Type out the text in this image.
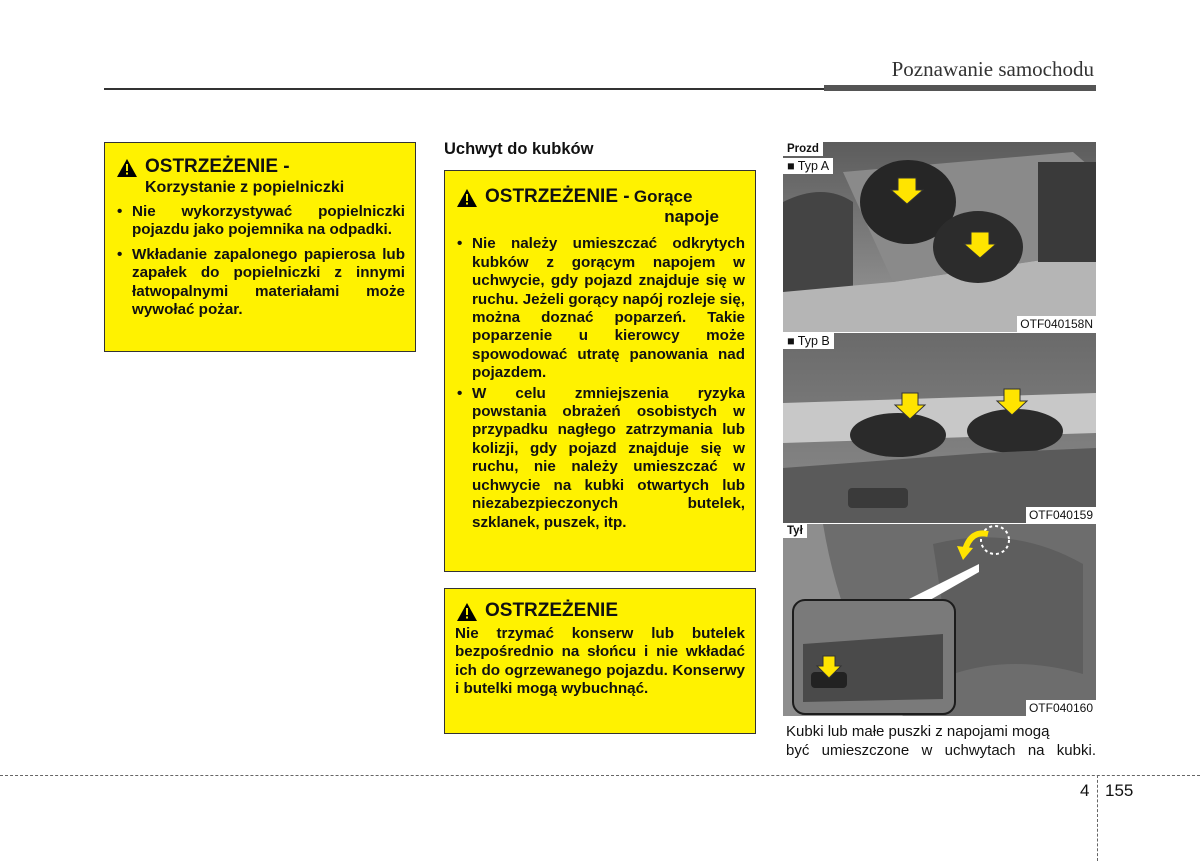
Poznawanie samochodu
OSTRZEŻENIE -
Korzystanie z popielniczki
• Nie wykorzystywać popielniczki pojazdu jako pojemnika na odpadki.
• Wkładanie zapalonego papierosa lub zapałek do popielniczki z innymi łatwopalnymi materiałami może wywołać pożar.
Uchwyt do kubków
OSTRZEŻENIE - Gorące
napoje
• Nie należy umieszczać odkrytych kubków z gorącym napojem w uchwycie, gdy pojazd znajduje się w ruchu. Jeżeli gorący napój rozleje się, można doznać poparzeń. Takie poparzenie u kierowcy może spowodować utratę panowania nad pojazdem.
• W celu zmniejszenia ryzyka powstania obrażeń osobistych w przypadku nagłego zatrzymania lub kolizji, gdy pojazd znajduje się w ruchu, nie należy umieszczać w uchwycie na kubki otwartych lub niezabezpieczonych butelek, szklanek, puszek, itp.
OSTRZEŻENIE

Nie trzymać konserw lub butelek bezpośrednio na słońcu i nie wkładać ich do ogrzewanego pojazdu. Konserwy i butelki mogą wybuchnąć.

Prozd
■ Typ A
OTF040158N
■ Typ B
OTF040159
Tył
OTF040160
Kubki lub małe puszki z napojami mogą
być umieszczone w uchwytach na kubki.
4 155
